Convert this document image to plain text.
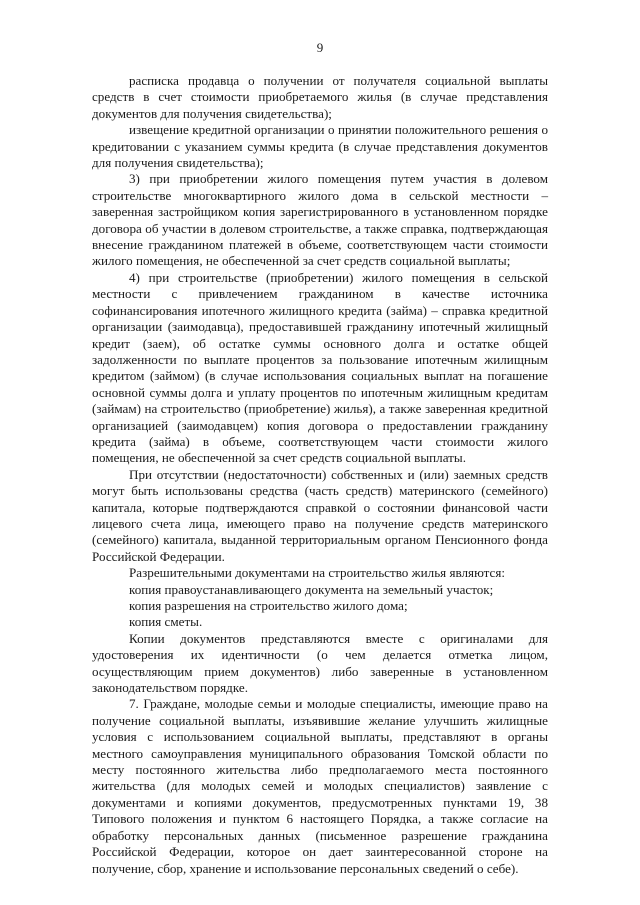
9

расписка продавца о получении от получателя социальной выплаты средств в счет стоимости приобретаемого жилья (в случае представления документов для получения свидетельства);

извещение кредитной организации о принятии положительного решения о кредитовании с указанием суммы кредита (в случае представления документов для получения свидетельства);

3) при приобретении жилого помещения путем участия в долевом строительстве многоквартирного жилого дома в сельской местности – заверенная застройщиком копия зарегистрированного в установленном порядке договора об участии в долевом строительстве, а также справка, подтверждающая внесение гражданином платежей в объеме, соответствующем части стоимости жилого помещения, не обеспеченной за счет средств социальной выплаты;

4) при строительстве (приобретении) жилого помещения в сельской местности с привлечением гражданином в качестве источника софинансирования ипотечного жилищного кредита (займа) – справка кредитной организации (заимодавца), предоставившей гражданину ипотечный жилищный кредит (заем), об остатке суммы основного долга и остатке общей задолженности по выплате процентов за пользование ипотечным жилищным кредитом (займом) (в случае использования социальных выплат на погашение основной суммы долга и уплату процентов по ипотечным жилищным кредитам (займам) на строительство (приобретение) жилья), а также заверенная кредитной организацией (заимодавцем) копия договора о предоставлении гражданину кредита (займа) в объеме, соответствующем части стоимости жилого помещения, не обеспеченной за счет средств социальной выплаты.

При отсутствии (недостаточности) собственных и (или) заемных средств могут быть использованы средства (часть средств) материнского (семейного) капитала, которые подтверждаются справкой о состоянии финансовой части лицевого счета лица, имеющего право на получение средств материнского (семейного) капитала, выданной территориальным органом Пенсионного фонда Российской Федерации.

Разрешительными документами на строительство жилья являются:

копия правоустанавливающего документа на земельный участок;

копия разрешения на строительство жилого дома;

копия сметы.

Копии документов представляются вместе с оригиналами для удостоверения их идентичности (о чем делается отметка лицом, осуществляющим прием документов) либо заверенные в установленном законодательством порядке.

7. Граждане, молодые семьи и молодые специалисты, имеющие право на получение социальной выплаты, изъявившие желание улучшить жилищные условия с использованием социальной выплаты, представляют в органы местного самоуправления муниципального образования Томской области по месту постоянного жительства либо предполагаемого места постоянного жительства (для молодых семей и молодых специалистов) заявление с документами и копиями документов, предусмотренных пунктами 19, 38 Типового положения и пунктом 6 настоящего Порядка, а также согласие на обработку персональных данных (письменное разрешение гражданина Российской Федерации, которое он дает заинтересованной стороне на получение, сбор, хранение и использование персональных сведений о себе).
